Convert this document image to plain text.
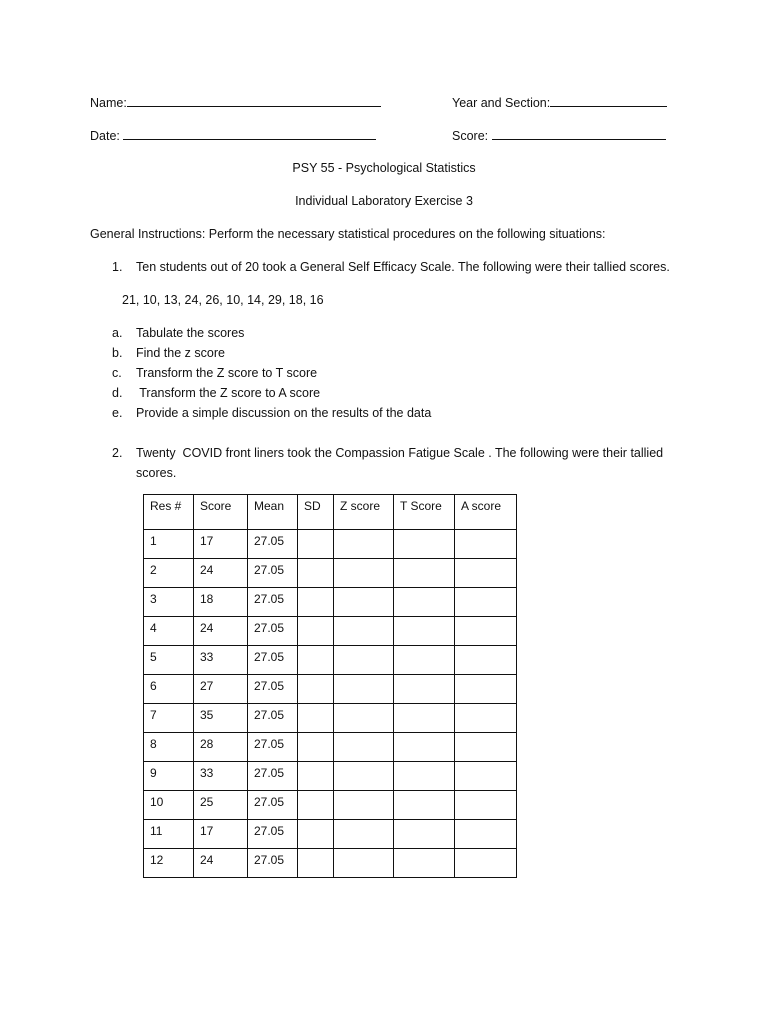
Name:	Year and Section:
Date:	Score:
PSY 55 - Psychological Statistics
Individual Laboratory Exercise 3
General Instructions: Perform the necessary statistical procedures on the following situations:
1. Ten students out of 20 took a General Self Efficacy Scale. The following were their tallied scores.
21, 10, 13, 24, 26, 10, 14, 29, 18, 16
a. Tabulate the scores
b. Find the z score
c. Transform the Z score to T score
d. Transform the Z score to A score
e. Provide a simple discussion on the results of the data
2. Twenty  COVID front liners took the Compassion Fatigue Scale . The following were their tallied
scores.
Res #	Score	Mean	SD	Z score	T Score	A score
1	17	27.05				
2	24	27.05				
3	18	27.05				
4	24	27.05				
5	33	27.05				
6	27	27.05				
7	35	27.05				
8	28	27.05				
9	33	27.05				
10	25	27.05				
11	17	27.05				
12	24	27.05				
